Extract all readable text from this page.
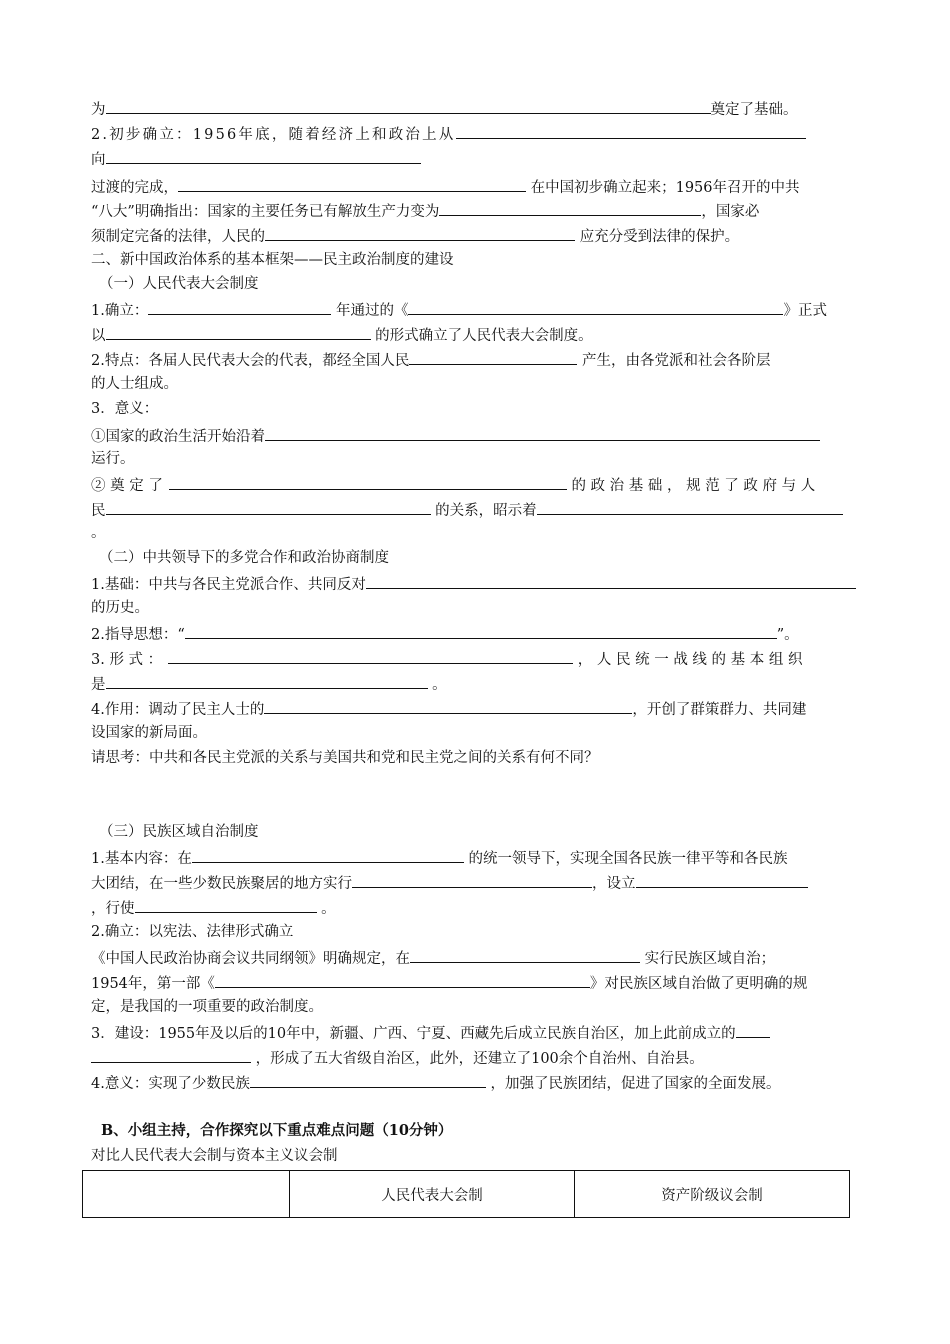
为	奠定了基础。
2.初步确立：1956年底，随着经济上和政治上从
向
过渡的完成，	在中国初步确立起来；1956年召开的中共
“八大”明确指出：国家的主要任务已有解放生产力变为	，国家必
须制定完备的法律，人民的	应充分受到法律的保护。
二、新中国政治体系的基本框架——民主政治制度的建设
（一）人民代表大会制度
1.确立：	年通过的《	》正式
以	的形式确立了人民代表大会制度。
2.特点：各届人民代表大会的代表，都经全国人民	产生，由各党派和社会各阶层
的人士组成。
3．意义：
①国家的政治生活开始沿着
运行。
② 奠 定 了	的 政 治 基 础 ， 规 范 了 政 府 与 人
民	的关系，昭示着
。
（二）中共领导下的多党合作和政治协商制度
1.基础：中共与各民主党派合作、共同反对
的历史。
2.指导思想：“	”。
3. 形 式 ：	， 人 民 统 一 战 线 的 基 本 组 织
是	。
4.作用：调动了民主人士的	，开创了群策群力、共同建
设国家的新局面。
请思考：中共和各民主党派的关系与美国共和党和民主党之间的关系有何不同？
（三）民族区域自治制度
1.基本内容：在	的统一领导下，实现全国各民族一律平等和各民族
大团结，在一些少数民族聚居的地方实行	，设立
，行使	。
2.确立：以宪法、法律形式确立
《中国人民政治协商会议共同纲领》明确规定，在	实行民族区域自治；
1954年，第一部《	》对民族区域自治做了更明确的规
定，是我国的一项重要的政治制度。
3．建设：1955年及以后的10年中，新疆、广西、宁夏、西藏先后成立民族自治区，加上此前成立的
，形成了五大省级自治区，此外，还建立了100余个自治州、自治县。
4.意义：实现了少数民族	，加强了民族团结，促进了国家的全面发展。
B、小组主持，合作探究以下重点难点问题（10分钟）
对比人民代表大会制与资本主义议会制
	人民代表大会制	资产阶级议会制
